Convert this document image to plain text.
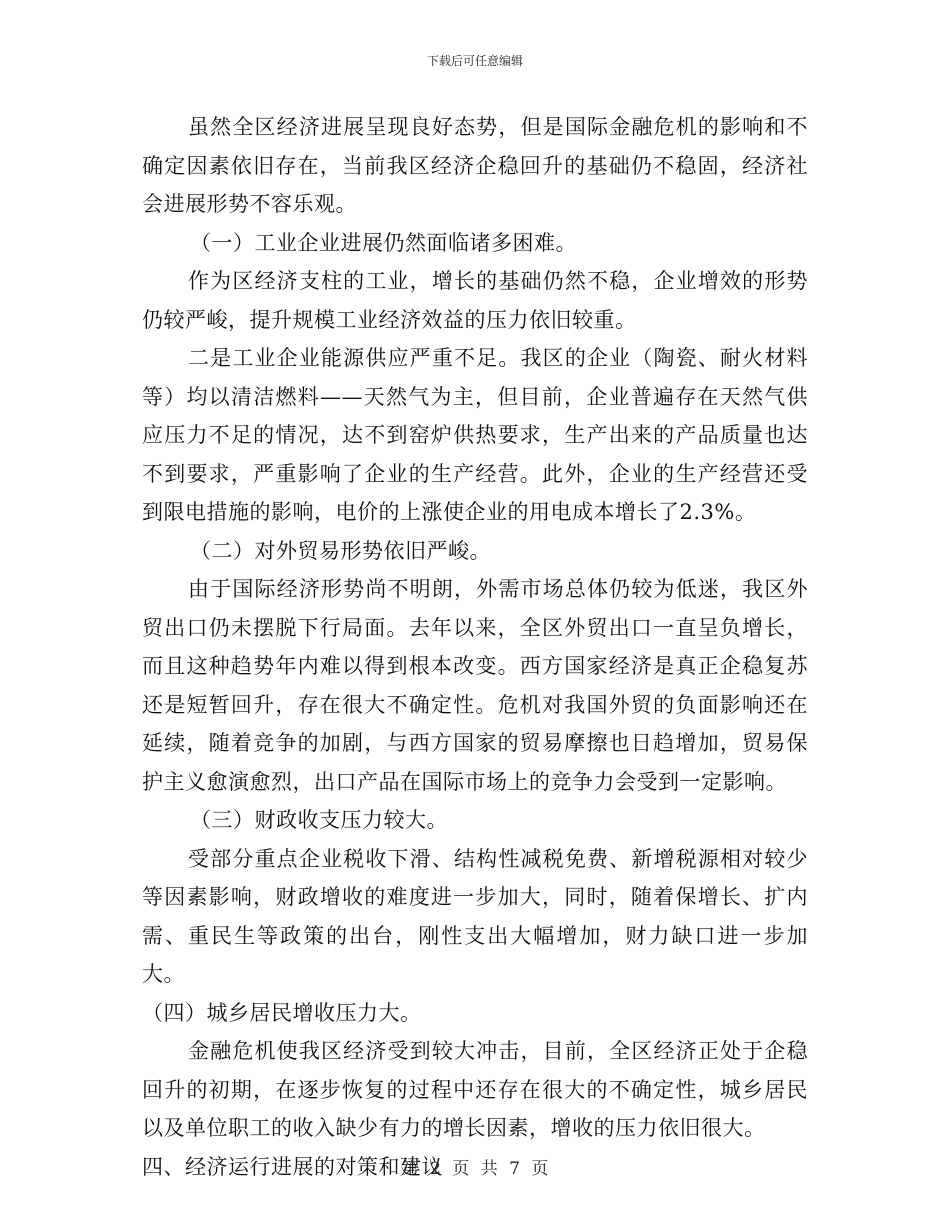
下载后可任意编辑

虽然全区经济进展呈现良好态势，但是国际金融危机的影响和不确定因素依旧存在，当前我区经济企稳回升的基础仍不稳固，经济社会进展形势不容乐观。

（一）工业企业进展仍然面临诸多困难。

作为区经济支柱的工业，增长的基础仍然不稳，企业增效的形势仍较严峻，提升规模工业经济效益的压力依旧较重。

二是工业企业能源供应严重不足。我区的企业（陶瓷、耐火材料等）均以清洁燃料——天然气为主，但目前，企业普遍存在天然气供应压力不足的情况，达不到窑炉供热要求，生产出来的产品质量也达不到要求，严重影响了企业的生产经营。此外，企业的生产经营还受到限电措施的影响，电价的上涨使企业的用电成本增长了2.3%。

（二）对外贸易形势依旧严峻。

由于国际经济形势尚不明朗，外需市场总体仍较为低迷，我区外贸出口仍未摆脱下行局面。去年以来，全区外贸出口一直呈负增长，而且这种趋势年内难以得到根本改变。西方国家经济是真正企稳复苏还是短暂回升，存在很大不确定性。危机对我国外贸的负面影响还在延续，随着竞争的加剧，与西方国家的贸易摩擦也日趋增加，贸易保护主义愈演愈烈，出口产品在国际市场上的竞争力会受到一定影响。

（三）财政收支压力较大。

受部分重点企业税收下滑、结构性减税免费、新增税源相对较少等因素影响，财政增收的难度进一步加大，同时，随着保增长、扩内需、重民生等政策的出台，刚性支出大幅增加，财力缺口进一步加大。

（四）城乡居民增收压力大。

金融危机使我区经济受到较大冲击，目前，全区经济正处于企稳回升的初期，在逐步恢复的过程中还存在很大的不确定性，城乡居民以及单位职工的收入缺少有力的增长因素，增收的压力依旧很大。

四、经济运行进展的对策和建议

第 2 页 共 7 页
